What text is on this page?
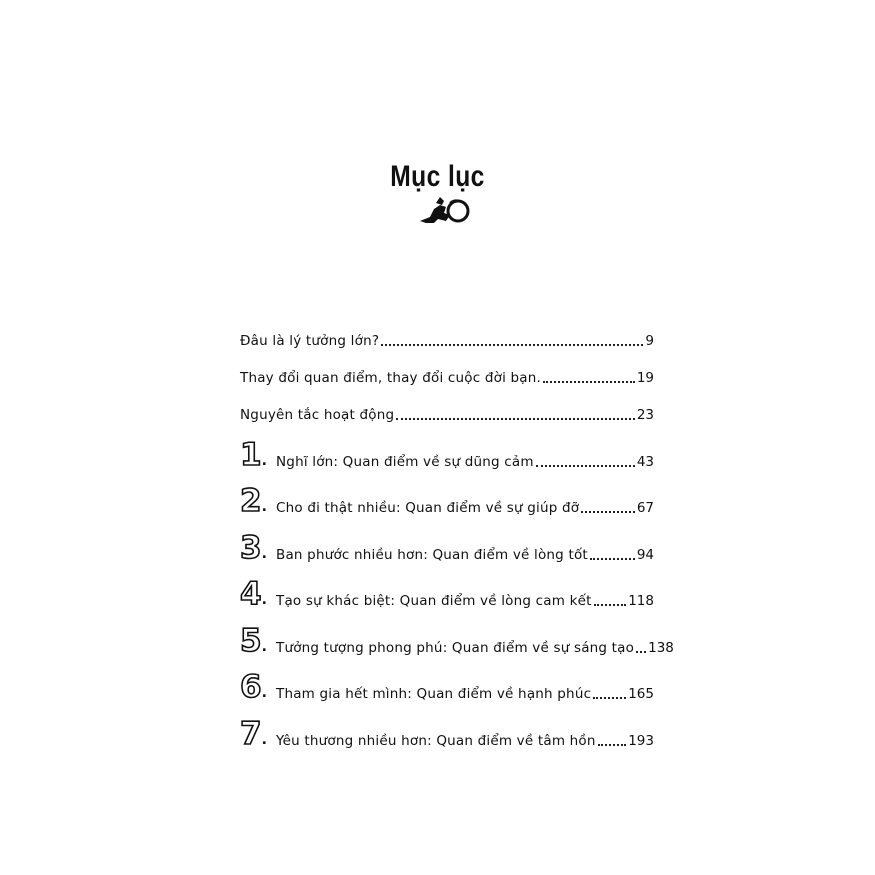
Mục lục
Đâu là lý tưởng lớn?	9
Thay đổi quan điểm, thay đổi cuộc đời bạn.	19
Nguyên tắc hoạt động	23
1. Nghĩ lớn: Quan điểm về sự dũng cảm	43
2. Cho đi thật nhiều: Quan điểm về sự giúp đỡ	67
3. Ban phước nhiều hơn: Quan điểm về lòng tốt	94
4. Tạo sự khác biệt: Quan điểm về lòng cam kết	118
5. Tưởng tượng phong phú: Quan điểm về sự sáng tạo 138
6. Tham gia hết mình: Quan điểm về hạnh phúc	165
7. Yêu thương nhiều hơn: Quan điểm về tâm hồn 193
